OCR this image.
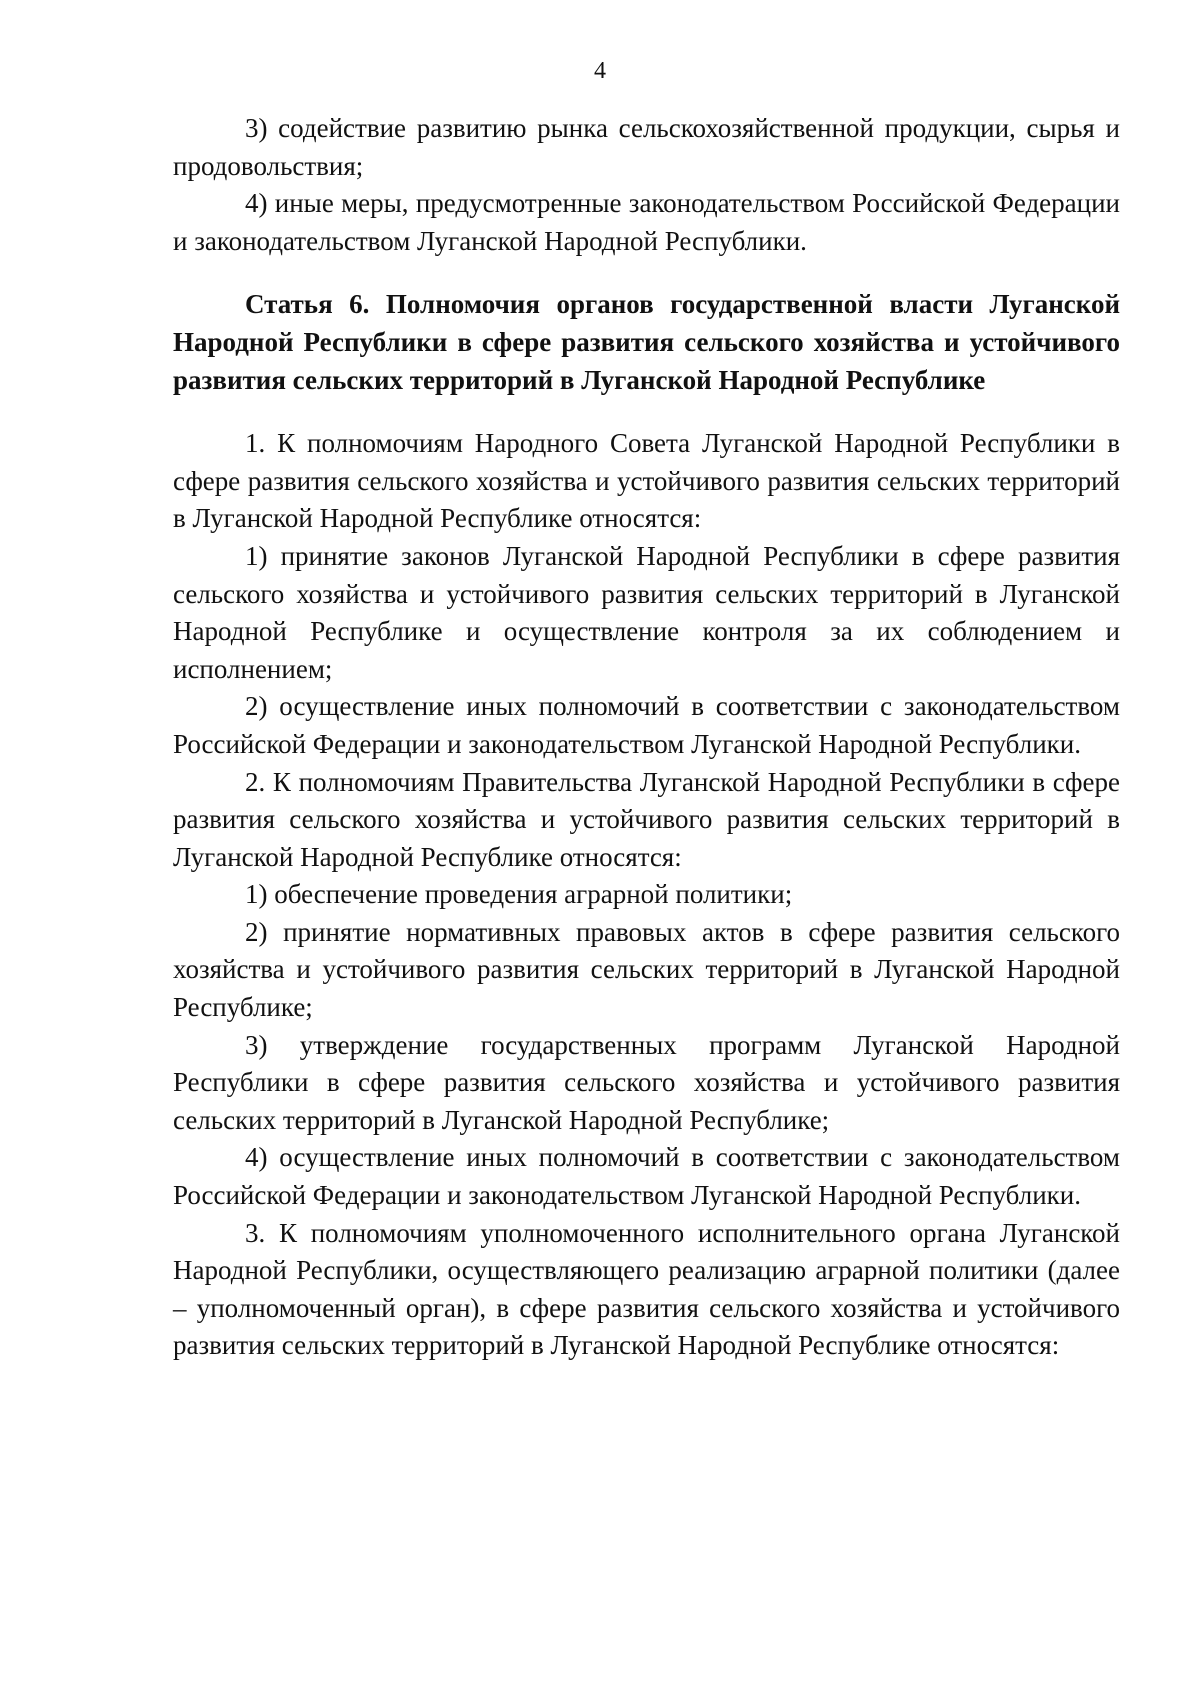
4

3) содействие развитию рынка сельскохозяйственной продукции, сырья и продовольствия;

4) иные меры, предусмотренные законодательством Российской Федерации и законодательством Луганской Народной Республики.

Статья 6. Полномочия органов государственной власти Луганской Народной Республики в сфере развития сельского хозяйства и устойчивого развития сельских территорий в Луганской Народной Республике

1. К полномочиям Народного Совета Луганской Народной Республики в сфере развития сельского хозяйства и устойчивого развития сельских территорий в Луганской Народной Республике относятся:

1) принятие законов Луганской Народной Республики в сфере развития сельского хозяйства и устойчивого развития сельских территорий в Луганской Народной Республике и осуществление контроля за их соблюдением и исполнением;

2) осуществление иных полномочий в соответствии с законодательством Российской Федерации и законодательством Луганской Народной Республики.

2. К полномочиям Правительства Луганской Народной Республики в сфере развития сельского хозяйства и устойчивого развития сельских территорий в Луганской Народной Республике относятся:

1) обеспечение проведения аграрной политики;

2) принятие нормативных правовых актов в сфере развития сельского хозяйства и устойчивого развития сельских территорий в Луганской Народной Республике;

3) утверждение государственных программ Луганской Народной Республики в сфере развития сельского хозяйства и устойчивого развития сельских территорий в Луганской Народной Республике;

4) осуществление иных полномочий в соответствии с законодательством Российской Федерации и законодательством Луганской Народной Республики.

3. К полномочиям уполномоченного исполнительного органа Луганской Народной Республики, осуществляющего реализацию аграрной политики (далее – уполномоченный орган), в сфере развития сельского хозяйства и устойчивого развития сельских территорий в Луганской Народной Республике относятся:
